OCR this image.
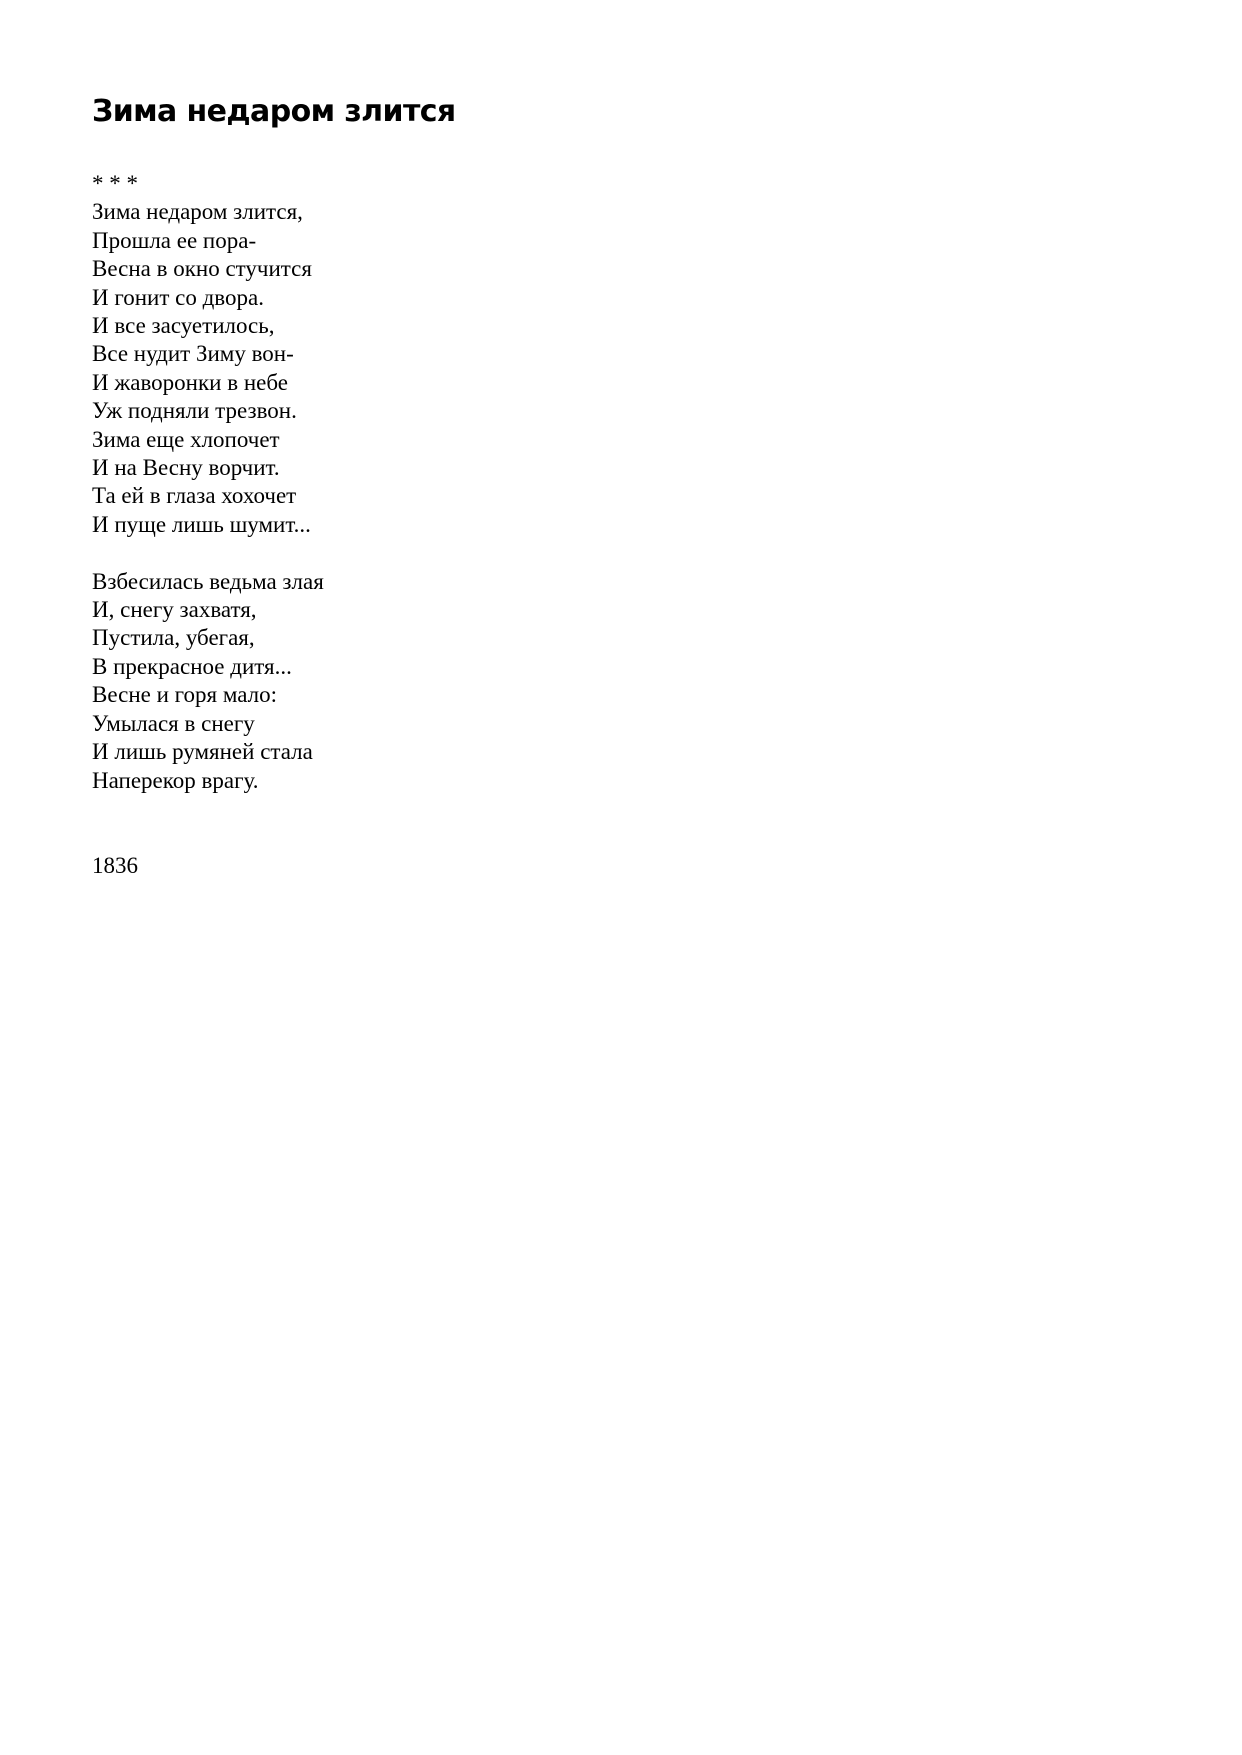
Зима недаром злится
* * *
Зима недаром злится,
Прошла ее пора-
Весна в окно стучится
И гонит со двора.
И все засуетилось,
Все нудит Зиму вон-
И жаворонки в небе
Уж подняли трезвон.
Зима еще хлопочет
И на Весну ворчит.
Та ей в глаза хохочет
И пуще лишь шумит...
Взбесилась ведьма злая
И, снегу захватя,
Пустила, убегая,
В прекрасное дитя...
Весне и горя мало:
Умылася в снегу
И лишь румяней стала
Наперекор врагу.
1836
